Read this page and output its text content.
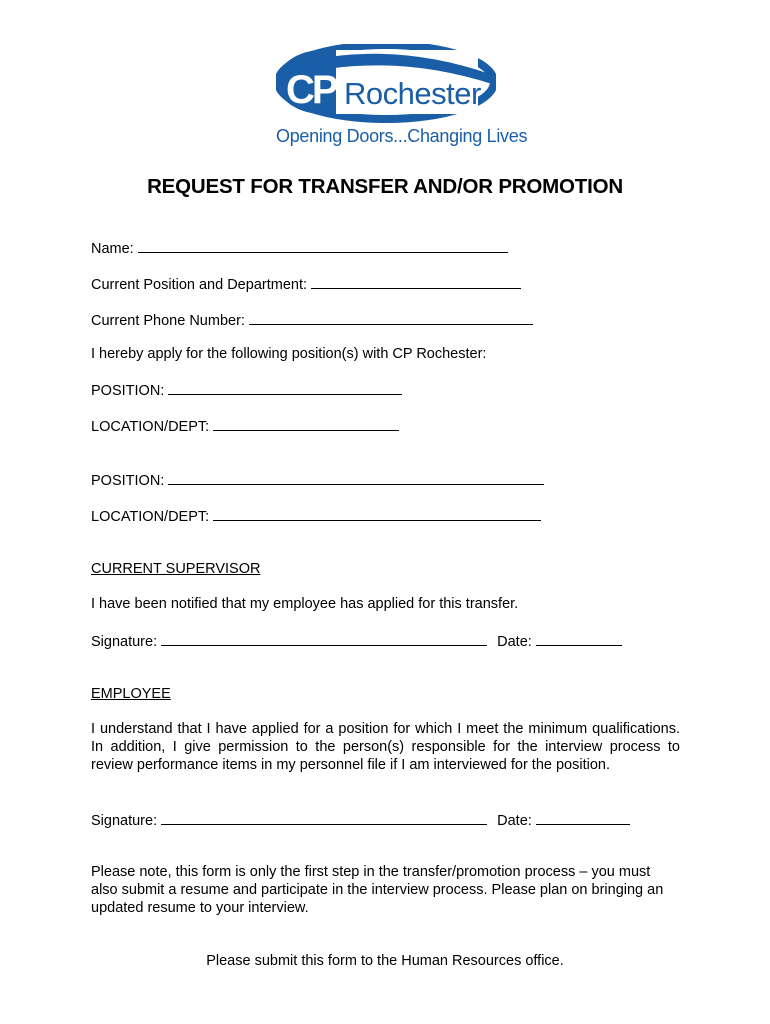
CP Rochester
Opening Doors...Changing Lives
REQUEST FOR TRANSFER AND/OR PROMOTION
Name:
Current Position and Department:
Current Phone Number:
I hereby apply for the following position(s) with CP Rochester:
POSITION:
LOCATION/DEPT:
POSITION:
LOCATION/DEPT:
CURRENT SUPERVISOR
I have been notified that my employee has applied for this transfer.
Signature:	Date:
EMPLOYEE
I understand that I have applied for a position for which I meet the minimum qualifications. In addition, I give permission to the person(s) responsible for the interview process to review performance items in my personnel file if I am interviewed for the position.
Signature:	Date:
Please note, this form is only the first step in the transfer/promotion process – you must also submit a resume and participate in the interview process. Please plan on bringing an updated resume to your interview.
Please submit this form to the Human Resources office.
